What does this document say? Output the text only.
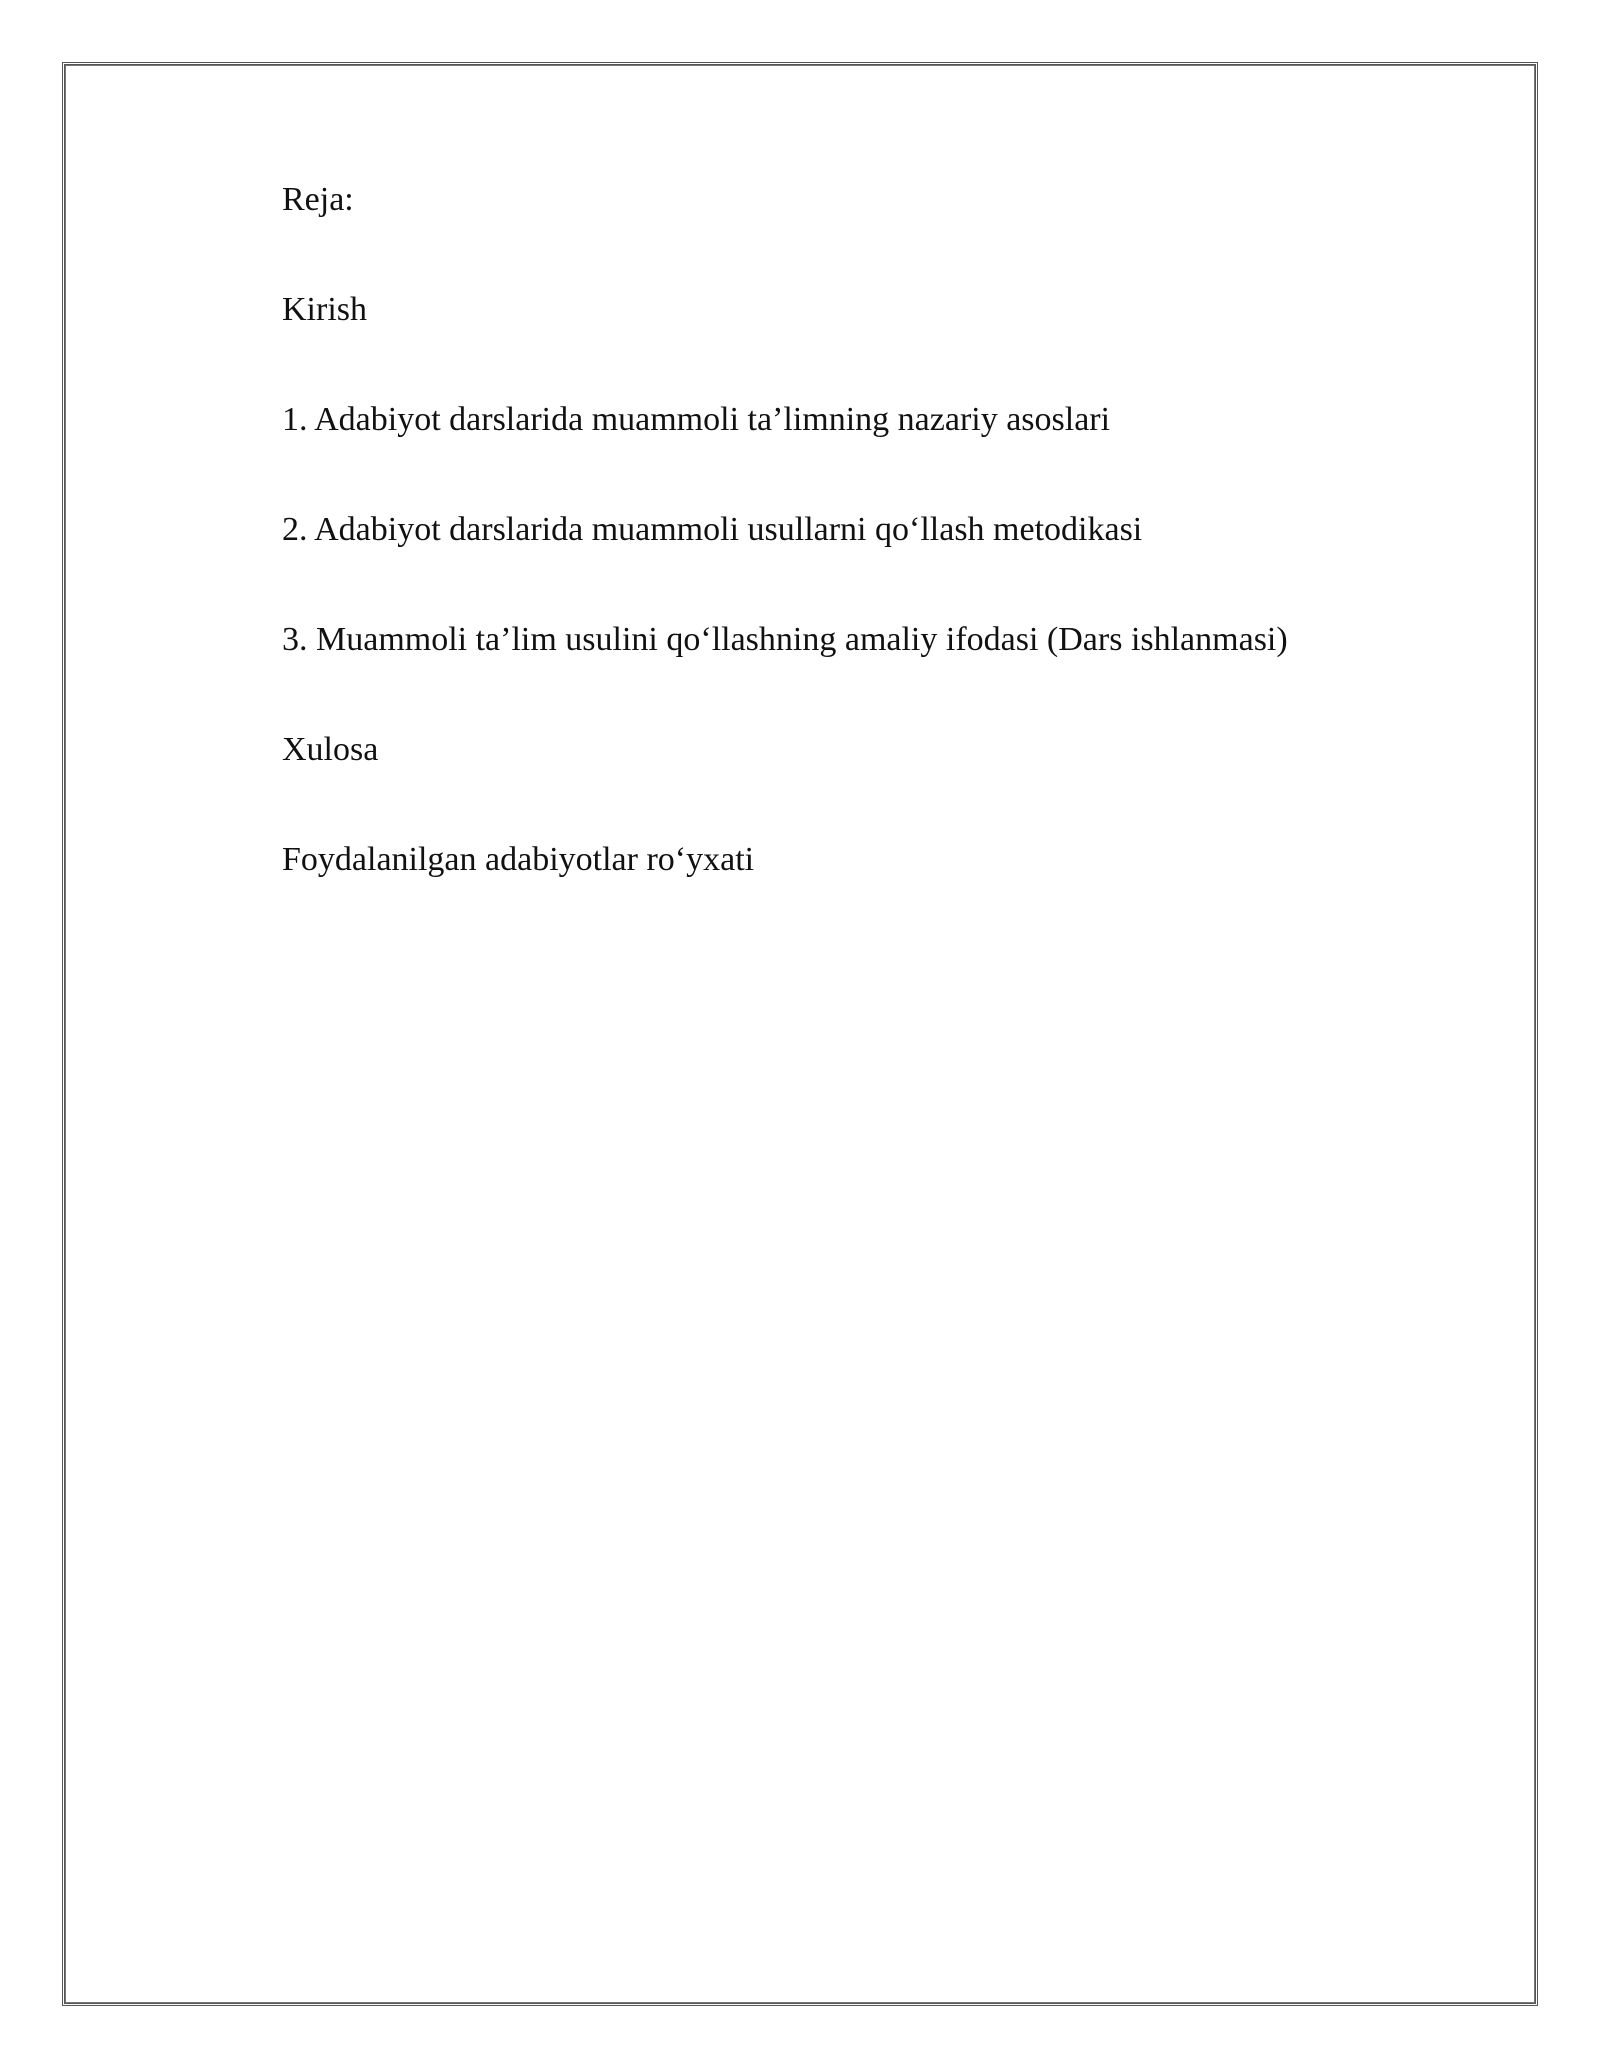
Reja:
Kirish
1. Adabiyot darslarida muammoli ta’limning nazariy asoslari
2. Adabiyot darslarida muammoli usullarni qo‘llash metodikasi
3. Muammoli ta’lim usulini qo‘llashning amaliy ifodasi (Dars ishlanmasi)
Xulosa
Foydalanilgan adabiyotlar ro‘yxati
